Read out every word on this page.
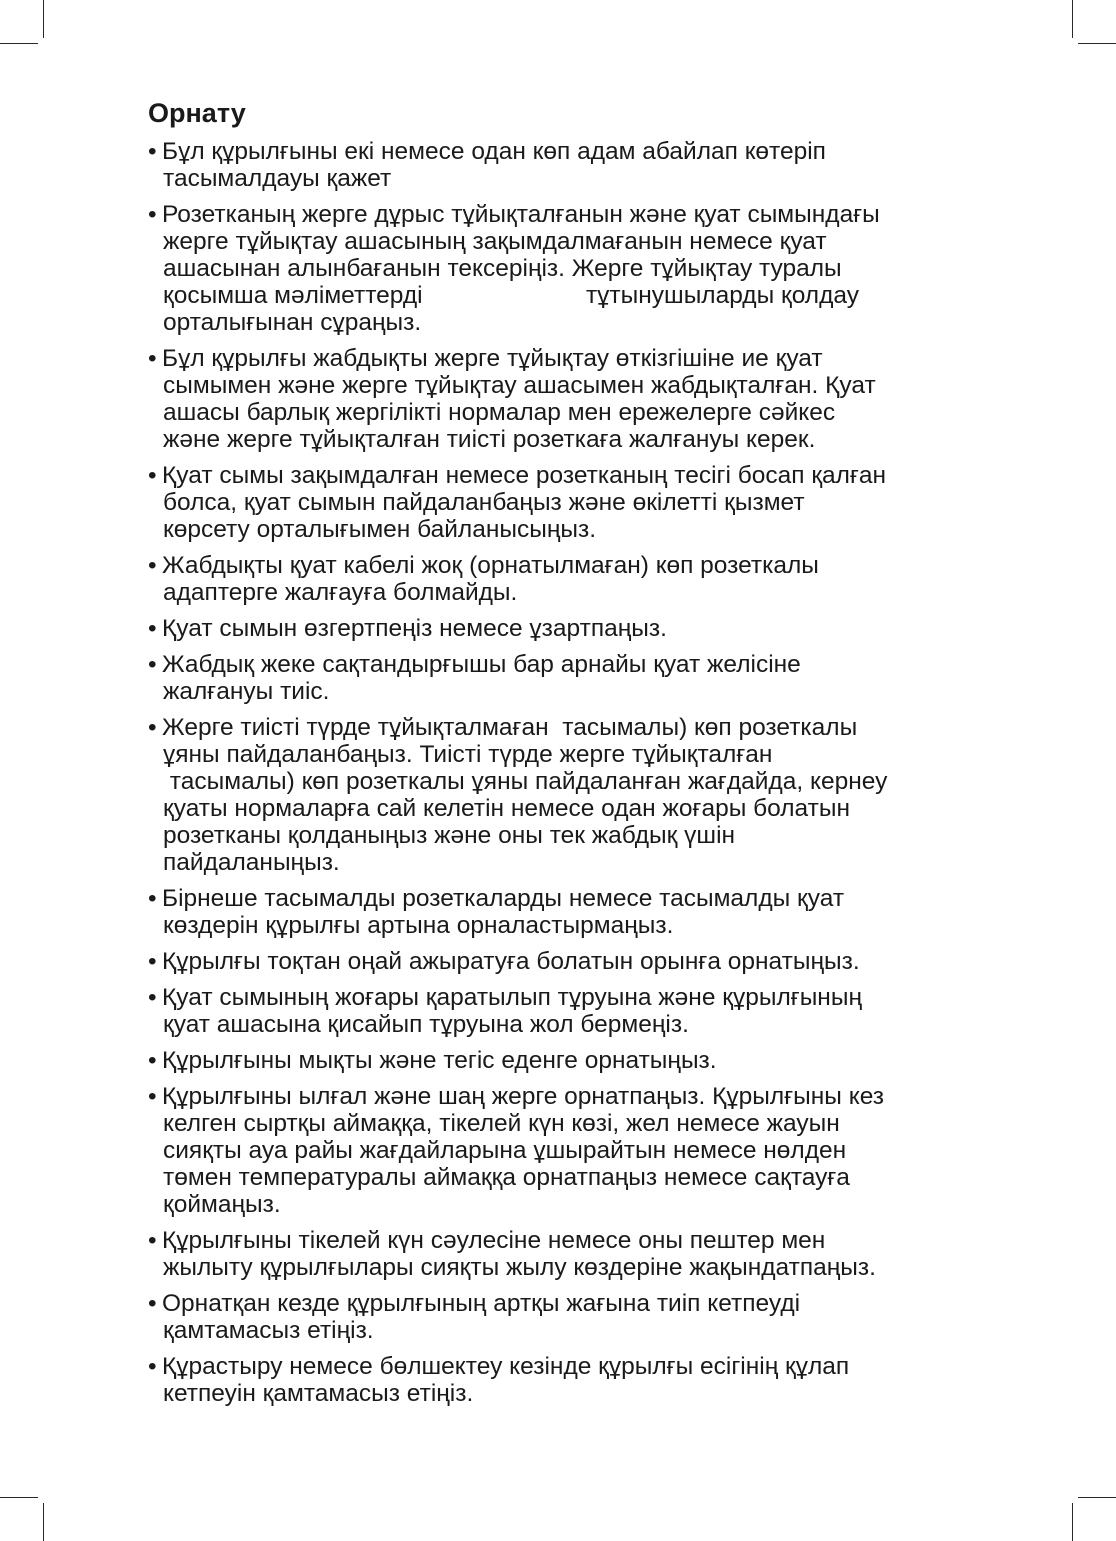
Орнату
• Бұл құрылғыны екі немесе одан көп адам абайлап көтеріп
тасымалдауы қажет
• Розетканың жерге дұрыс тұйықталғанын және қуат сымындағы
жерге тұйықтау ашасының зақымдалмағанын немесе қуат
ашасынан алынбағанын тексеріңіз. Жерге тұйықтау туралы
қосымша мәліметтерді                        тұтынушыларды қолдау
орталығынан сұраңыз.
• Бұл құрылғы жабдықты жерге тұйықтау өткізгішіне ие қуат
сымымен және жерге тұйықтау ашасымен жабдықталған. Қуат
ашасы барлық жергілікті нормалар мен ережелерге сәйкес
және жерге тұйықталған тиісті розеткаға жалғануы керек.
• Қуат сымы зақымдалған немесе розетканың тесігі босап қалған
болса, қуат сымын пайдаланбаңыз және өкілетті қызмет
көрсету орталығымен байланысыңыз.
• Жабдықты қуат кабелі жоқ (орнатылмаған) көп розеткалы
адаптерге жалғауға болмайды.
• Қуат сымын өзгертпеңіз немесе ұзартпаңыз.
• Жабдық жеке сақтандырғышы бар арнайы қуат желісіне
жалғануы тиіс.
• Жерге тиісті түрде тұйықталмаған  тасымалы) көп розеткалы
ұяны пайдаланбаңыз. Тиісті түрде жерге тұйықталған
тасымалы) көп розеткалы ұяны пайдаланған жағдайда, кернеу
қуаты нормаларға сай келетін немесе одан жоғары болатын
розетканы қолданыңыз және оны тек жабдық үшін
пайдаланыңыз.
• Бірнеше тасымалды розеткаларды немесе тасымалды қуат
көздерін құрылғы артына орналастырмаңыз.
• Құрылғы тоқтан оңай ажыратуға болатын орынға орнатыңыз.
• Қуат сымының жоғары қаратылып тұруына және құрылғының
қуат ашасына қисайып тұруына жол бермеңіз.
• Құрылғыны мықты және тегіс еденге орнатыңыз.
• Құрылғыны ылғал және шаң жерге орнатпаңыз. Құрылғыны кез
келген сыртқы аймаққа, тікелей күн көзі, жел немесе жауын
сияқты ауа райы жағдайларына ұшырайтын немесе нөлден
төмен температуралы аймаққа орнатпаңыз немесе сақтауға
қоймаңыз.
• Құрылғыны тікелей күн сәулесіне немесе оны пештер мен
жылыту құрылғылары сияқты жылу көздеріне жақындатпаңыз.
• Орнатқан кезде құрылғының артқы жағына тиіп кетпеуді
қамтамасыз етіңіз.
• Құрастыру немесе бөлшектеу кезінде құрылғы есігінің құлап
кетпеуін қамтамасыз етіңіз.
